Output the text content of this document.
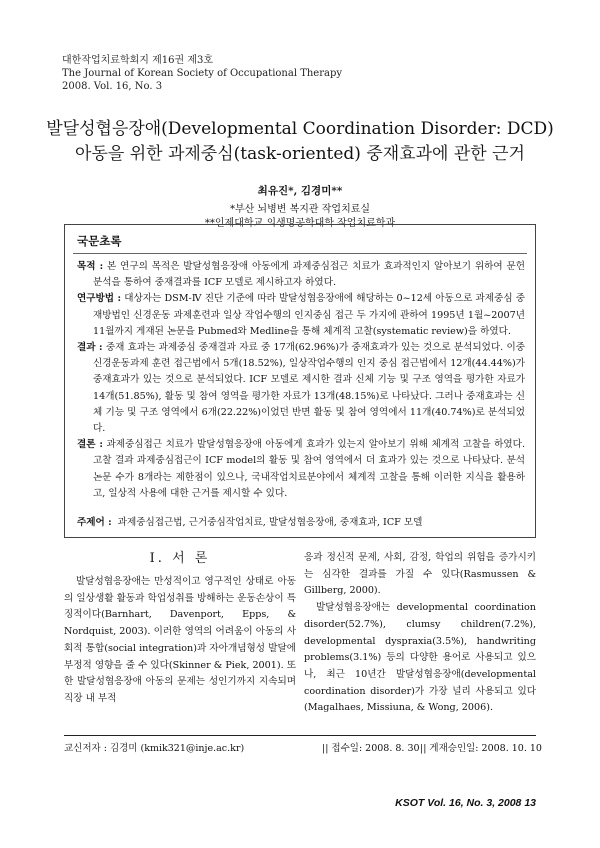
대한작업치료학회지 제16권 제3호
The Journal of Korean Society of Occupational Therapy
2008. Vol. 16, No. 3
발달성협응장애(Developmental Coordination Disorder: DCD)
아동을 위한 과제중심(task-oriented) 중재효과에 관한 근거
최유진*, 김경미**
*부산 뇌병변 복지관 작업치료실
**인제대학교 의생명공학대학 작업치료학과
국문초록

목적 : 본 연구의 목적은 발달성협응장애 아동에게 과제중심접근 치료가 효과적인지 알아보기 위하여 문헌 분석을 통하여 중재결과를 ICF 모델로 제시하고자 하였다.

연구방법 : 대상자는 DSM-Ⅳ 진단 기준에 따라 발달성협응장애에 해당하는 0~12세 아동으로 과제중심 중재방법인 신경운동 과제훈련과 일상 작업수행의 인지중심 접근 두 가지에 관하여 1995년 1월~2007년 11월까지 게재된 논문을 Pubmed와 Medline을 통해 체계적 고찰(systematic review)을 하였다.

결과 : 중재 효과는 과제중심 중재결과 자료 중 17개(62.96%)가 중재효과가 있는 것으로 분석되었다. 이중 신경운동과제 훈련 접근법에서 5개(18.52%), 일상작업수행의 인지 중심 접근법에서 12개(44.44%)가 중재효과가 있는 것으로 분석되었다. ICF 모델로 제시한 결과 신체 기능 및 구조 영역을 평가한 자료가 14개(51.85%), 활동 및 참여 영역을 평가한 자료가 13개(48.15%)로 나타났다. 그러나 중재효과는 신체 기능 및 구조 영역에서 6개(22.22%)이었던 반면 활동 및 참여 영역에서 11개(40.74%)로 분석되었다.

결론 : 과제중심접근 치료가 발달성협응장애 아동에게 효과가 있는지 알아보기 위해 체계적 고찰을 하였다. 고찰 결과 과제중심접근이 ICF model의 활동 및 참여 영역에서 더 효과가 있는 것으로 나타났다. 분석 논문 수가 8개라는 제한점이 있으나, 국내작업치료분야에서 체계적 고찰을 통해 이러한 지식을 활용하고, 일상적 사용에 대한 근거를 제시할 수 있다.

주제어 : 과제중심접근법, 근거중심작업치료, 발달성협응장애, 중재효과, ICF 모델
Ⅰ. 서 론

발달성협응장애는 만성적이고 영구적인 상태로 아동의 일상생활 활동과 학업성취를 방해하는 운동손상이 특징적이다(Barnhart, Davenport, Epps, & Nordquist, 2003). 이러한 영역의 어려움이 아동의 사회적 통합(social integration)과 자아개념형성 발달에 부정적 영향을 줄 수 있다(Skinner & Piek, 2001). 또한 발달성협응장애 아동의 문제는 성인기까지 지속되며 직장 내 부적

응과 정신적 문제, 사회, 감정, 학업의 위험을 증가시키는 심각한 결과를 가질 수 있다(Rasmussen & Gillberg, 2000).

발달성협응장애는 developmental coordination disorder(52.7%), clumsy children(7.2%), developmental dyspraxia(3.5%), handwriting problems(3.1%) 등의 다양한 용어로 사용되고 있으나, 최근 10년간 발달성협응장애(developmental coordination disorder)가 가장 널리 사용되고 있다(Magalhaes, Missiuna, & Wong, 2006).

교신저자 : 김경미 (kmik321@inje.ac.kr)	|| 접수일: 2008. 8. 30 || 게재승인일: 2008. 10. 10
KSOT Vol. 16, No. 3, 2008 13
